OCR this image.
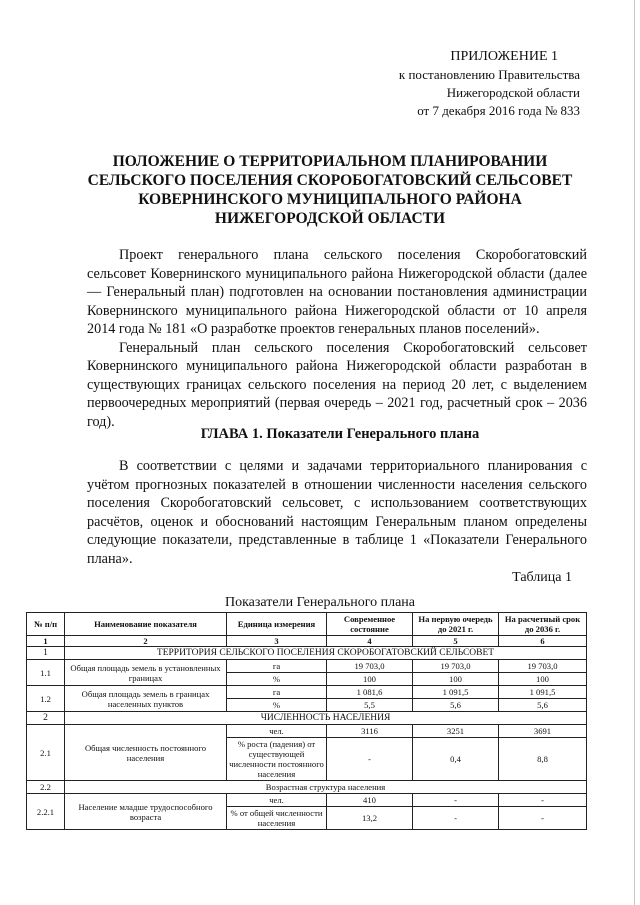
ПРИЛОЖЕНИЕ 1
к постановлению Правительства
Нижегородской области
от 7 декабря 2016 года № 833
ПОЛОЖЕНИЕ О ТЕРРИТОРИАЛЬНОМ ПЛАНИРОВАНИИ
СЕЛЬСКОГО ПОСЕЛЕНИЯ СКОРОБОГАТОВСКИЙ СЕЛЬСОВЕТ
КОВЕРНИНСКОГО МУНИЦИПАЛЬНОГО РАЙОНА
НИЖЕГОРОДСКОЙ ОБЛАСТИ

Проект генерального плана сельского поселения Скоробогатовский сельсовет Ковернинского муниципального района Нижегородской области (далее — Генеральный план) подготовлен на основании постановления администрации Ковернинского муниципального района Нижегородской области от 10 апреля 2014 года № 181 «О разработке проектов генеральных планов поселений».

Генеральный план сельского поселения Скоробогатовский сельсовет Ковернинского муниципального района Нижегородской области разработан в существующих границах сельского поселения на период 20 лет, с выделением первоочередных мероприятий (первая очередь – 2021 год, расчетный срок – 2036 год).

ГЛАВА 1. Показатели Генерального плана

В соответствии с целями и задачами территориального планирования с учётом прогнозных показателей в отношении численности населения сельского поселения Скоробогатовский сельсовет, с использованием соответствующих расчётов, оценок и обоснований настоящим Генеральным планом определены следующие показатели, представленные в таблице 1 «Показатели Генерального плана».

Таблица 1
Показатели Генерального плана
№ п/п	Наименование показателя	Единица измерения	Современное состояние	На первую очередь до 2021 г.	На расчетный срок до 2036 г.
1	2	3	4	5	6
1	ТЕРРИТОРИЯ СЕЛЬСКОГО ПОСЕЛЕНИЯ СКОРОБОГАТОВСКИЙ СЕЛЬСОВЕТ				
1.1	Общая площадь земель в установленных границах	га	19 703,0	19 703,0	19 703,0
		%	100	100	100
1.2	Общая площадь земель в границах населенных пунктов	га	1 081,6	1 091,5	1 091,5
		%	5,5	5,6	5,6
2	ЧИСЛЕННОСТЬ НАСЕЛЕНИЯ				
2.1	Общая численность постоянного населения	чел.	3116	3251	3691
		% роста (падения) от существующей численности постоянного населения	-	0,4	8,8
2.2	Возрастная структура населения				
2.2.1	Население младше трудоспособного возраста	чел.	410	-	-
		% от общей численности населения	13,2	-	-
